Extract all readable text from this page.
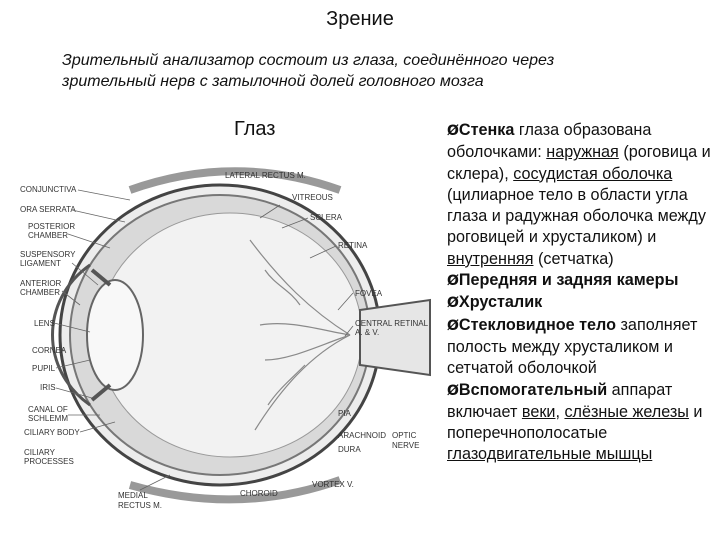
Зрение
Зрительный анализатор состоит из глаза, соединённого через
зрительный нерв с затылочной долей головного мозга
Глаз
LATERAL RECTUS M.
CONJUNCTIVA
VITREOUS
ORA SERRATA
SCLERA
POSTERIOR
CHAMBER
RETINA
SUSPENSORY
LIGAMENT
ANTERIOR
CHAMBER	FOVEA
LENS	CENTRAL RETINAL
A. & V.
CORNEA
PUPIL
IRIS
CANAL OF
SCHLEMM
CILIARY BODY
PIA
ARACHNOID
DURA
OPTIC
NERVE
CILIARY
PROCESSES
VORTEX V.
MEDIAL
RECTUS M.
CHOROID

ØСтенка глаза образована оболочками: наружная (роговица и склера), сосудистая оболочка (цилиарное тело в области угла глаза и радужная оболочка между роговицей и хрусталиком) и внутренняя (сетчатка)

ØПередняя и задняя камеры

ØХрусталик

ØСтекловидное тело заполняет полость между хрусталиком и сетчатой оболочкой

ØВспомогательный аппарат включает веки, слёзные железы и поперечнополосатые глазодвигательные мышцы
